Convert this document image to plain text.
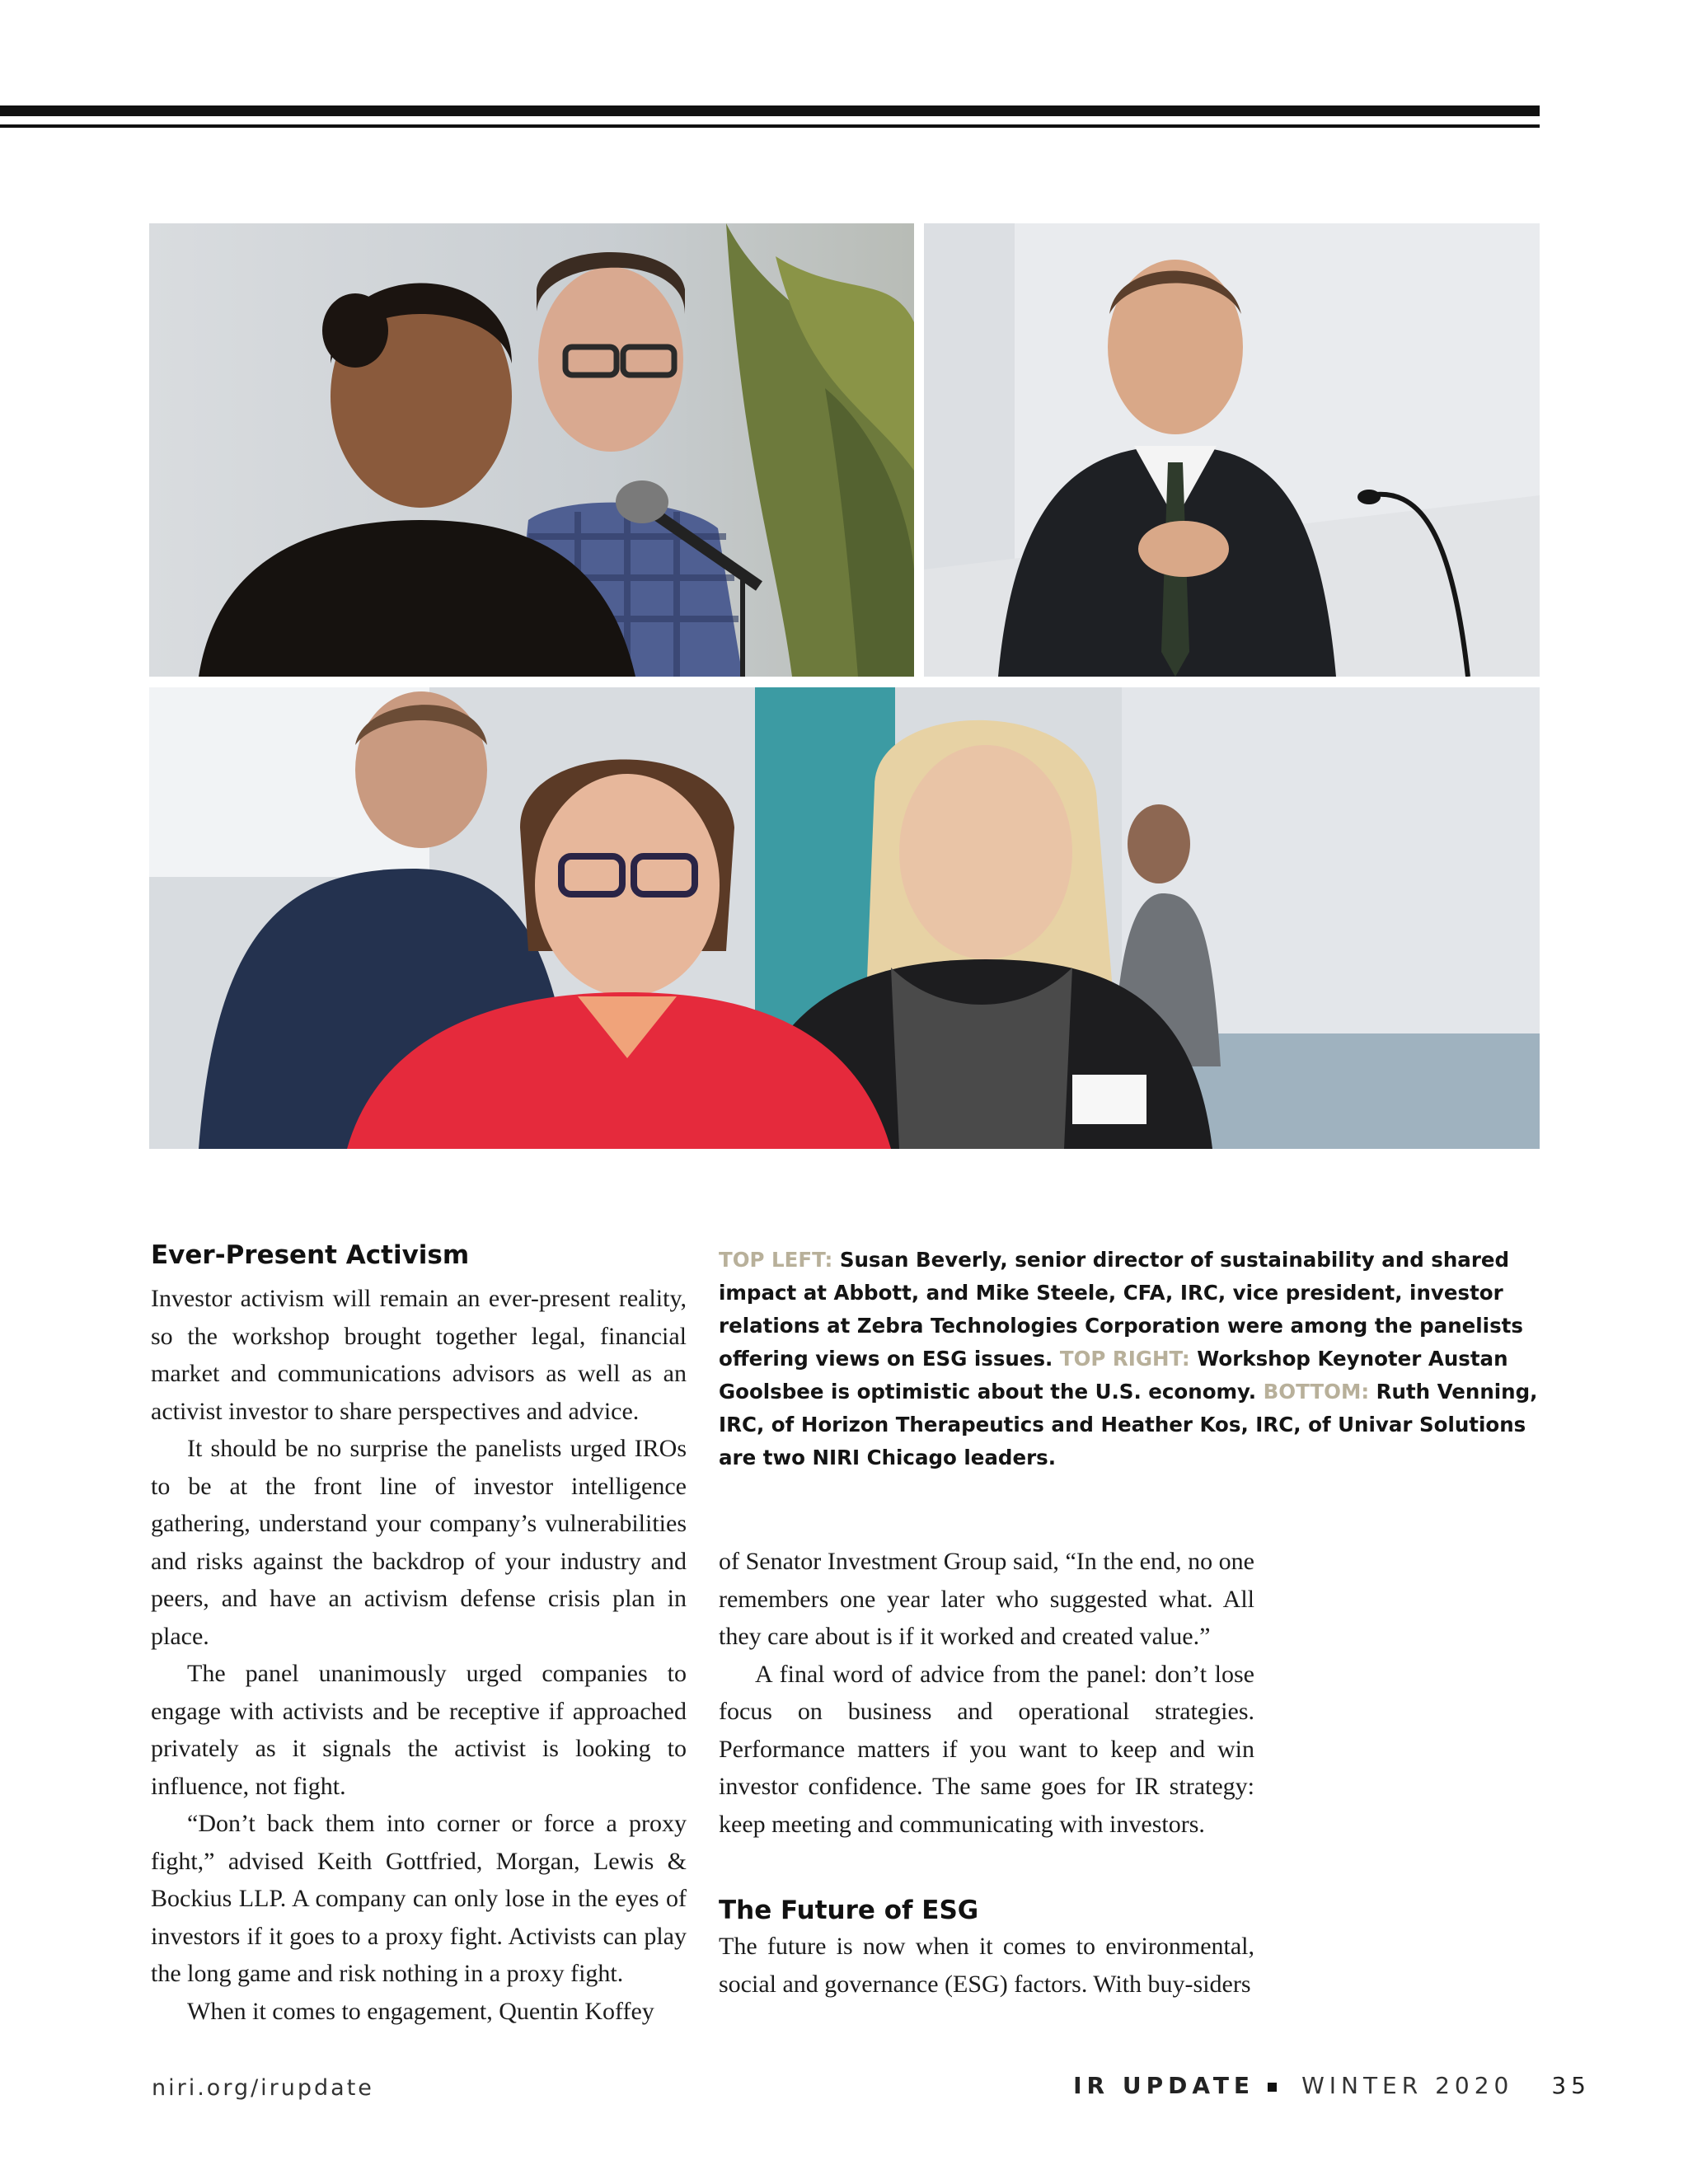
Ever-Present Activism

Investor activism will remain an ever-present reality, so the workshop brought together legal, financial market and communications advisors as well as an activist investor to share perspectives and advice.

It should be no surprise the panelists urged IROs to be at the front line of investor intelligence gathering, understand your company’s vulnerabilities and risks against the backdrop of your industry and peers, and have an activism defense crisis plan in place.

The panel unanimously urged companies to engage with activists and be receptive if approached privately as it signals the activist is looking to influence, not fight.

“Don’t back them into corner or force a proxy fight,” advised Keith Gottfried, Morgan, Lewis & Bockius LLP. A company can only lose in the eyes of investors if it goes to a proxy fight. Activists can play the long game and risk nothing in a proxy fight.

When it comes to engagement, Quentin Koffey

TOP LEFT: Susan Beverly, senior director of sustainability and shared impact at Abbott, and Mike Steele, CFA, IRC, vice president, investor relations at Zebra Technologies Corporation were among the panelists offering views on ESG issues. TOP RIGHT: Workshop Keynoter Austan Goolsbee is optimistic about the U.S. economy. BOTTOM: Ruth Venning, IRC, of Horizon Therapeutics and Heather Kos, IRC, of Univar Solutions are two NIRI Chicago leaders.

of Senator Investment Group said, “In the end, no one remembers one year later who suggested what. All they care about is if it worked and created value.”

A final word of advice from the panel: don’t lose focus on business and operational strategies. Performance matters if you want to keep and win investor confidence. The same goes for IR strategy: keep meeting and communicating with investors.

The Future of ESG

The future is now when it comes to environmental, social and governance (ESG) factors. With buy-siders

niri.org/irupdate	IR UPDATE WINTER 2020 35
